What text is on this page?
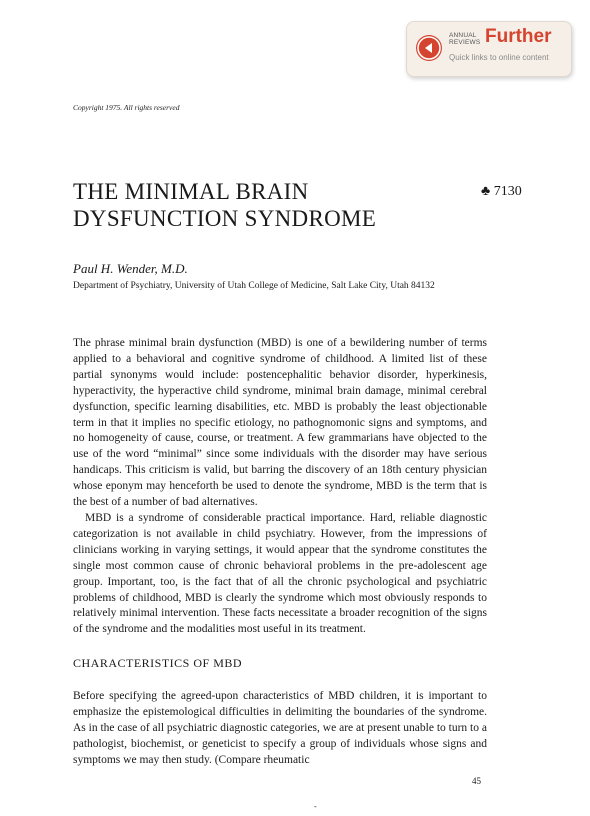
ANNUAL
REVIEWS Further
Quick links to online content
Copyright 1975. All rights reserved
THE MINIMAL BRAIN
DYSFUNCTION SYNDROME
♣ 7130
Paul H. Wender, M.D.
Department of Psychiatry, University of Utah College of Medicine, Salt Lake City, Utah 84132

The phrase minimal brain dysfunction (MBD) is one of a bewildering number of terms applied to a behavioral and cognitive syndrome of childhood. A limited list of these partial synonyms would include: postencephalitic behavior disorder, hyperkinesis, hyperactivity, the hyperactive child syndrome, minimal brain damage, minimal cerebral dysfunction, specific learning disabilities, etc. MBD is probably the least objectionable term in that it implies no specific etiology, no pathognomonic signs and symptoms, and no homogeneity of cause, course, or treatment. A few grammarians have objected to the use of the word “minimal” since some individuals with the disorder may have serious handicaps. This criticism is valid, but barring the discovery of an 18th century physician whose eponym may henceforth be used to denote the syndrome, MBD is the term that is the best of a number of bad alternatives.

MBD is a syndrome of considerable practical importance. Hard, reliable diagnostic categorization is not available in child psychiatry. However, from the impressions of clinicians working in varying settings, it would appear that the syndrome constitutes the single most common cause of chronic behavioral problems in the pre-adolescent age group. Important, too, is the fact that of all the chronic psychological and psychiatric problems of childhood, MBD is clearly the syndrome which most obviously responds to relatively minimal intervention. These facts necessitate a broader recognition of the signs of the syndrome and the modalities most useful in its treatment.

CHARACTERISTICS OF MBD

Before specifying the agreed-upon characteristics of MBD children, it is important to emphasize the epistemological difficulties in delimiting the boundaries of the syndrome. As in the case of all psychiatric diagnostic categories, we are at present unable to turn to a pathologist, biochemist, or geneticist to specify a group of individuals whose signs and symptoms we may then study. (Compare rheumatic

45
-
